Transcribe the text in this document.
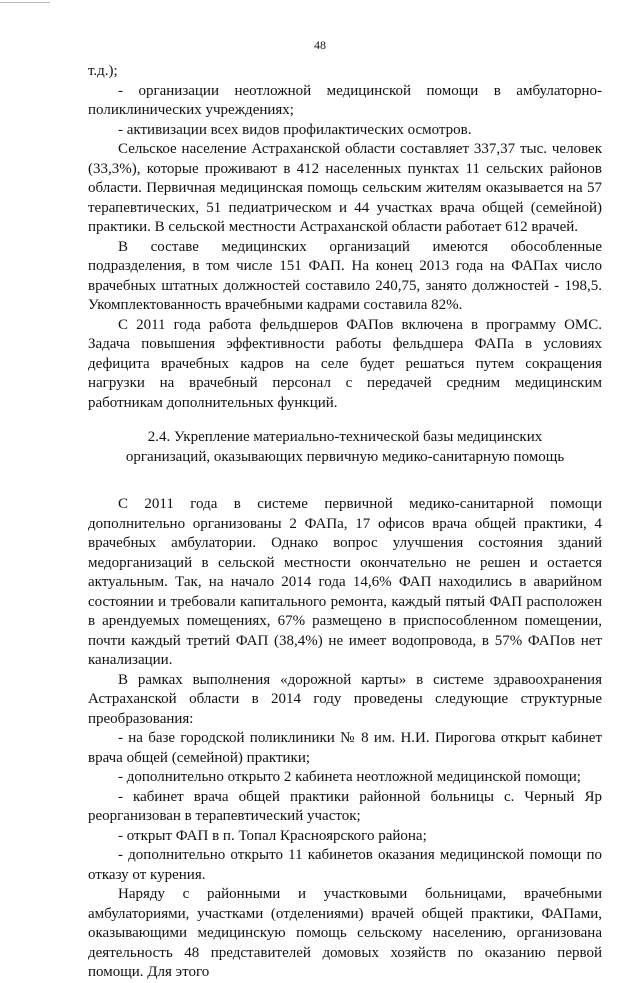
48

т.д.);

- организации неотложной медицинской помощи в амбулаторно-поликлинических учреждениях;

- активизации всех видов профилактических осмотров.

Сельское население Астраханской области составляет 337,37 тыс. человек (33,3%), которые проживают в 412 населенных пунктах 11 сельских районов области. Первичная медицинская помощь сельским жителям оказывается на 57 терапевтических, 51 педиатрическом и 44 участках врача общей (семейной) практики. В сельской местности Астраханской области работает 612 врачей.

В составе медицинских организаций имеются обособленные подразделения, в том числе 151 ФАП. На конец 2013 года на ФАПах число врачебных штатных должностей составило 240,75, занято должностей - 198,5. Укомплектованность врачебными кадрами составила 82%.

С 2011 года работа фельдшеров ФАПов включена в программу ОМС. Задача повышения эффективности работы фельдшера ФАПа в условиях дефицита врачебных кадров на селе будет решаться путем сокращения нагрузки на врачебный персонал с передачей средним медицинским работникам дополнительных функций.

2.4. Укрепление материально-технической базы медицинских организаций, оказывающих первичную медико-санитарную помощь

С 2011 года в системе первичной медико-санитарной помощи дополнительно организованы 2 ФАПа, 17 офисов врача общей практики, 4 врачебных амбулатории. Однако вопрос улучшения состояния зданий медорганизаций в сельской местности окончательно не решен и остается актуальным. Так, на начало 2014 года 14,6% ФАП находились в аварийном состоянии и требовали капитального ремонта, каждый пятый ФАП расположен в арендуемых помещениях, 67% размещено в приспособленном помещении, почти каждый третий ФАП (38,4%) не имеет водопровода, в 57% ФАПов нет канализации.

В рамках выполнения «дорожной карты» в системе здравоохранения Астраханской области в 2014 году проведены следующие структурные преобразования:

- на базе городской поликлиники № 8 им. Н.И. Пирогова открыт кабинет врача общей (семейной) практики;

- дополнительно открыто 2 кабинета неотложной медицинской помощи;

- кабинет врача общей практики районной больницы с. Черный Яр реорганизован в терапевтический участок;

- открыт ФАП в п. Топал Красноярского района;

- дополнительно открыто 11 кабинетов оказания медицинской помощи по отказу от курения.

Наряду с районными и участковыми больницами, врачебными амбулаториями, участками (отделениями) врачей общей практики, ФАПами, оказывающими медицинскую помощь сельскому населению, организована деятельность 48 представителей домовых хозяйств по оказанию первой помощи. Для этого
